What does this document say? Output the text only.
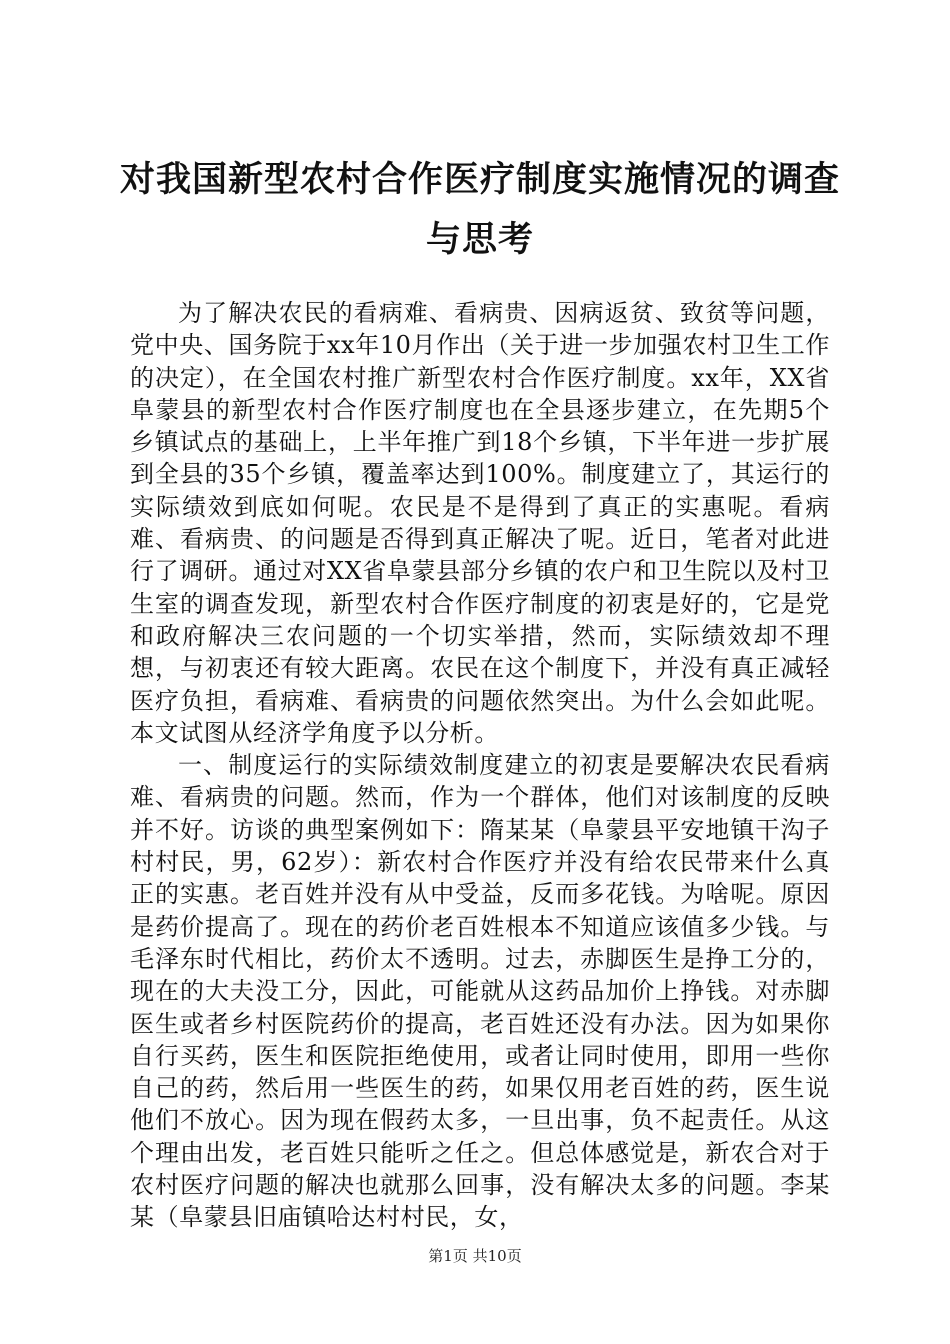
对我国新型农村合作医疗制度实施情况的调查与思考

为了解决农民的看病难、看病贵、因病返贫、致贫等问题，党中央、国务院于xx年10月作出（关于进一步加强农村卫生工作的决定），在全国农村推广新型农村合作医疗制度。xx年，XX省阜蒙县的新型农村合作医疗制度也在全县逐步建立，在先期5个乡镇试点的基础上，上半年推广到18个乡镇，下半年进一步扩展到全县的35个乡镇，覆盖率达到100%。制度建立了，其运行的实际绩效到底如何呢。农民是不是得到了真正的实惠呢。看病难、看病贵、的问题是否得到真正解决了呢。近日，笔者对此进行了调研。通过对XX省阜蒙县部分乡镇的农户和卫生院以及村卫生室的调查发现，新型农村合作医疗制度的初衷是好的，它是党和政府解决三农问题的一个切实举措，然而，实际绩效却不理想，与初衷还有较大距离。农民在这个制度下，并没有真正减轻医疗负担，看病难、看病贵的问题依然突出。为什么会如此呢。本文试图从经济学角度予以分析。

一、制度运行的实际绩效制度建立的初衷是要解决农民看病难、看病贵的问题。然而，作为一个群体，他们对该制度的反映并不好。访谈的典型案例如下：隋某某（阜蒙县平安地镇干沟子村村民，男，62岁）：新农村合作医疗并没有给农民带来什么真正的实惠。老百姓并没有从中受益，反而多花钱。为啥呢。原因是药价提高了。现在的药价老百姓根本不知道应该值多少钱。与毛泽东时代相比，药价太不透明。过去，赤脚医生是挣工分的，现在的大夫没工分，因此，可能就从这药品加价上挣钱。对赤脚医生或者乡村医院药价的提高，老百姓还没有办法。因为如果你自行买药，医生和医院拒绝使用，或者让同时使用，即用一些你自己的药，然后用一些医生的药，如果仅用老百姓的药，医生说他们不放心。因为现在假药太多，一旦出事，负不起责任。从这个理由出发，老百姓只能听之任之。但总体感觉是，新农合对于农村医疗问题的解决也就那么回事，没有解决太多的问题。李某某（阜蒙县旧庙镇哈达村村民，女，

第1页 共10页
